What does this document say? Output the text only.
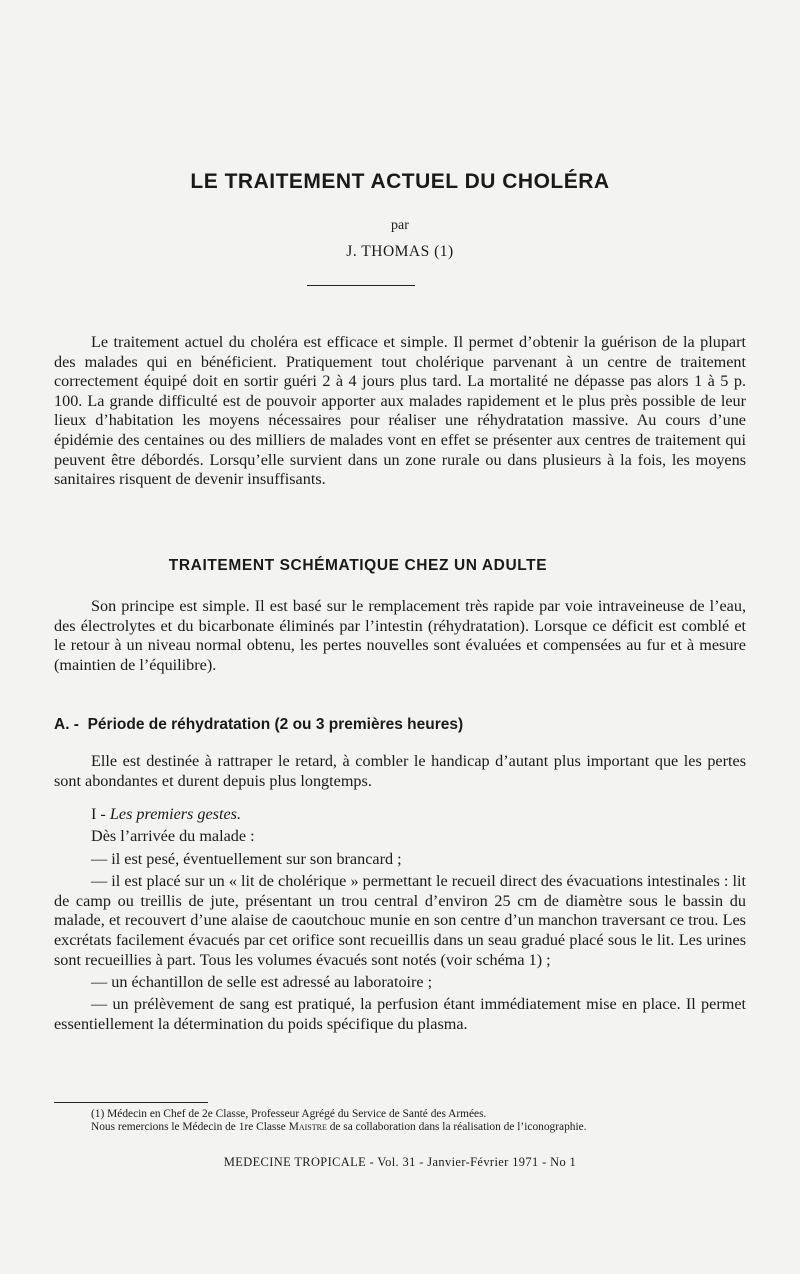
LE TRAITEMENT ACTUEL DU CHOLÉRA
par
J. THOMAS (1)

Le traitement actuel du choléra est efficace et simple. Il permet d’obtenir la guérison de la plupart des malades qui en bénéficient. Pratiquement tout cholérique parvenant à un centre de traitement correctement équipé doit en sortir guéri 2 à 4 jours plus tard. La mortalité ne dépasse pas alors 1 à 5 p. 100. La grande difficulté est de pouvoir apporter aux malades rapidement et le plus près possible de leur lieux d’habitation les moyens nécessaires pour réaliser une réhydratation massive. Au cours d’une épidémie des centaines ou des milliers de malades vont en effet se présenter aux centres de traitement qui peuvent être débordés. Lorsqu’elle survient dans un zone rurale ou dans plusieurs à la fois, les moyens sanitaires risquent de devenir insuffisants.

TRAITEMENT SCHÉMATIQUE CHEZ UN ADULTE

Son principe est simple. Il est basé sur le remplacement très rapide par voie intraveineuse de l’eau, des électrolytes et du bicarbonate éliminés par l’intestin (réhydratation). Lorsque ce déficit est comblé et le retour à un niveau normal obtenu, les pertes nouvelles sont évaluées et compensées au fur et à mesure (maintien de l’équilibre).

A. - Période de réhydratation (2 ou 3 premières heures)

Elle est destinée à rattraper le retard, à combler le handicap d’autant plus important que les pertes sont abondantes et durent depuis plus longtemps.

I - Les premiers gestes.

Dès l’arrivée du malade :

— il est pesé, éventuellement sur son brancard ;

— il est placé sur un « lit de cholérique » permettant le recueil direct des évacuations intestinales : lit de camp ou treillis de jute, présentant un trou central d’environ 25 cm de diamètre sous le bassin du malade, et recouvert d’une alaise de caoutchouc munie en son centre d’un manchon traversant ce trou. Les excrétats facilement évacués par cet orifice sont recueillis dans un seau gradué placé sous le lit. Les urines sont recueillies à part. Tous les volumes évacués sont notés (voir schéma 1) ;

— un échantillon de selle est adressé au laboratoire ;

— un prélèvement de sang est pratiqué, la perfusion étant immédiatement mise en place. Il permet essentiellement la détermination du poids spécifique du plasma.

(1) Médecin en Chef de 2e Classe, Professeur Agrégé du Service de Santé des Armées.

Nous remercions le Médecin de 1re Classe Maistre de sa collaboration dans la réalisation de l’iconographie.

MEDECINE TROPICALE - Vol. 31 - Janvier-Février 1971 - No 1
